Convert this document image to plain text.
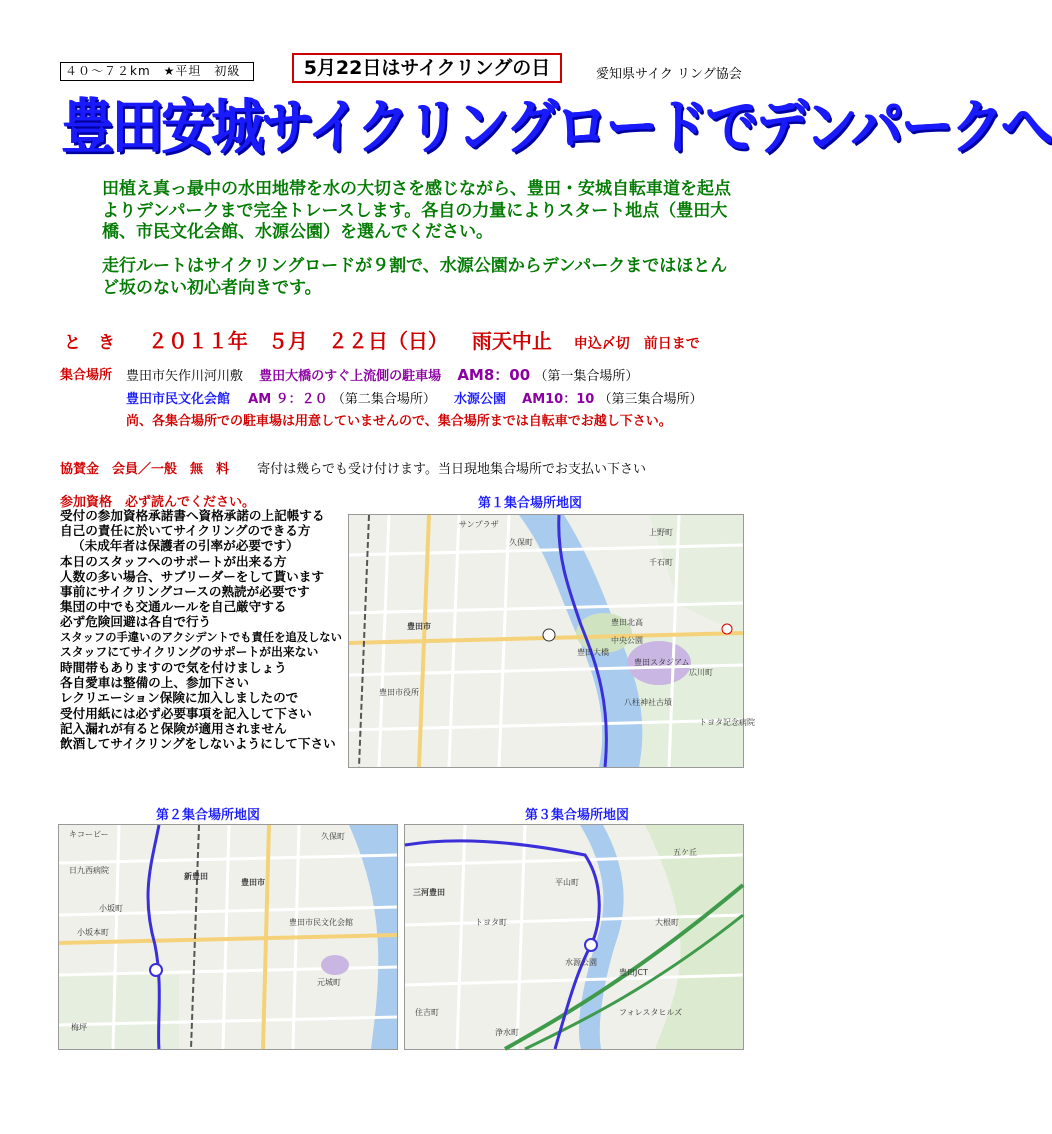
４０～７２km　★平坦　初級	5月22日はサイクリングの日	愛知県サイク リング協会
豊田安城サイクリングロードでデンパークへ
田植え真っ最中の水田地帯を水の大切さを感じながら、豊田・安城自転車道を起点よりデンパークまで完全トレースします。各自の力量によりスタート地点（豊田大橋、市民文化会館、水源公園）を選んでください。
走行ルートはサイクリングロードが９割で、水源公園からデンパークまではほとんど坂のない初心者向きです。
と　き ２０１１年　５月　２２日（日） 雨天中止 申込〆切　前日まで
集合場所 豊田市矢作川河川敷 豊田大橋のすぐ上流側の駐車場 AM8：00 （第一集合場所）
豊田市民文化会館 AM ９：２０ （第二集合場所） 水源公園 AM10：10 （第三集合場所）
尚、各集合場所での駐車場は用意していませんので、集合場所までは自転車でお越し下さい。
協賛金　会員／一般　無　料 寄付は幾らでも受け付けます。当日現地集合場所でお支払い下さい
参加資格　必ず読んでください。
受付の参加資格承諾書へ資格承諾の上記帳する
自己の責任に於いてサイクリングのできる方
（未成年者は保護者の引率が必要です）
本日のスタッフへのサポートが出来る方
人数の多い場合、サブリーダーをして貰います
事前にサイクリングコースの熟読が必要です
集団の中でも交通ルールを自己厳守する
必ず危険回避は各自で行う
スタッフの手違いのアクシデントでも責任を追及しない
スタッフにてサイクリングのサポートが出来ない
時間帯もありますので気を付けましょう
各自愛車は整備の上、参加下さい
レクリエーション保険に加入しましたので
受付用紙には必ず必要事項を記入して下さい
記入漏れが有ると保険が適用されません
飲酒してサイクリングをしないようにして下さい
第１集合場所地図
豊田市
豊田大橋
豊田スタジアム
中央公園
豊田北高
豊田市役所
八柱神社古墳
広川町
千石町
上野町
久保町
サンプラザ
トヨタ記念病院
第２集合場所地図
新豊田
豊田市
小坂町
元城町
豊田市民文化会館
久保町
小坂本町
キコービー
日九西病院
梅坪
第３集合場所地図
三河豊田
トヨタ町
平山町
大根町
五ケ丘
豊田JCT
水源公園
フォレスタヒルズ
住吉町
浄水町
